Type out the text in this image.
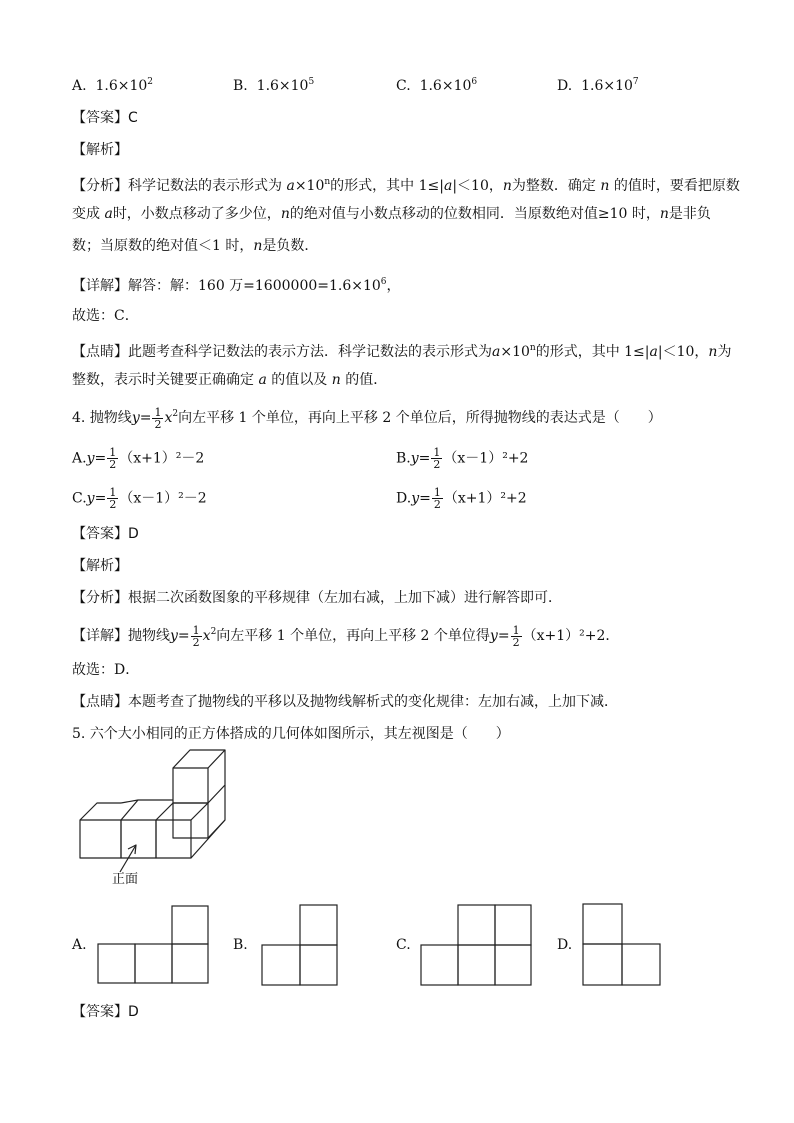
A. $1.6\times 10^2$	B. $1.6\times 10^5$	C. $1.6\times 10^6$	D. $1.6\times 10^7$
【答案】C
【解析】
【分析】科学记数法的表示形式为 $a\times 10^n$的形式，其中 1≤|a|＜10，n为整数．确定 n 的值时，要看把原数
变成 a时，小数点移动了多少位，n的绝对值与小数点移动的位数相同．当原数绝对值≥10 时，n是非负
数；当原数的绝对值＜1 时，n是负数．
【详解】解答：解：160 万$=1600000=1.6\times 10^6$，
故选：C．
【点睛】此题考查科学记数法的表示方法．科学记数法的表示形式为$a\times 10^n$的形式，其中 1≤|a|＜10，n为
整数，表示时关键要正确确定 a 的值以及 n 的值．
4. 抛物线$y= \frac{1}{2} x^2$向左平移 1 个单位，再向上平移 2 个单位后，所得抛物线的表达式是（　　）
$A.y= \frac{1}{2} (x+1)^2-2$	$B.y= \frac{1}{2} (x-1)^2+2$
$C.y= \frac{1}{2} (x-1)^2-2$	$D.y= \frac{1}{2} (x+1)^2+2$
【答案】D
【解析】
【分析】根据二次函数图象的平移规律（左加右减，上加下减）进行解答即可．
【详解】抛物线$y= \frac{1}{2} x^2$向左平移 1 个单位，再向上平移 2 个单位得$y= \frac{1}{2} (x+1)^2+2$．
故选：D．
【点睛】本题考查了抛物线的平移以及抛物线解析式的变化规律：左加右减，上加下减．
5. 六个大小相同的正方体搭成的几何体如图所示，其左视图是（　　）
正面
A.	B.	C.	D.
【答案】D
